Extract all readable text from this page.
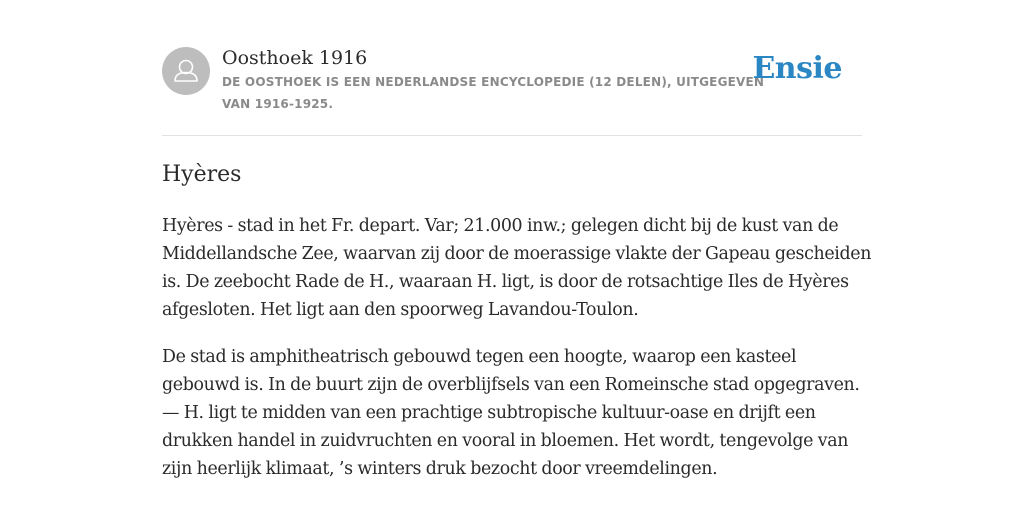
Oosthoek 1916
DE OOSTHOEK IS EEN NEDERLANDSE ENCYCLOPEDIE (12 DELEN), UITGEGEVEN VAN 1916-1925.
Ensie
Hyères

Hyères - stad in het Fr. depart. Var; 21.000 inw.; gelegen dicht bij de kust van de Middellandsche Zee, waarvan zij door de moerassige vlakte der Gapeau gescheiden is. De zeebocht Rade de H., waaraan H. ligt, is door de rotsachtige Iles de Hyères afgesloten. Het ligt aan den spoorweg Lavandou-Toulon.

De stad is amphitheatrisch gebouwd tegen een hoogte, waarop een kasteel gebouwd is. In de buurt zijn de overblijfsels van een Romeinsche stad opgegraven. — H. ligt te midden van een prachtige subtropische kultuur-oase en drijft een drukken handel in zuidvruchten en vooral in bloemen. Het wordt, tengevolge van zijn heerlijk klimaat, ’s winters druk bezocht door vreemdelingen.
